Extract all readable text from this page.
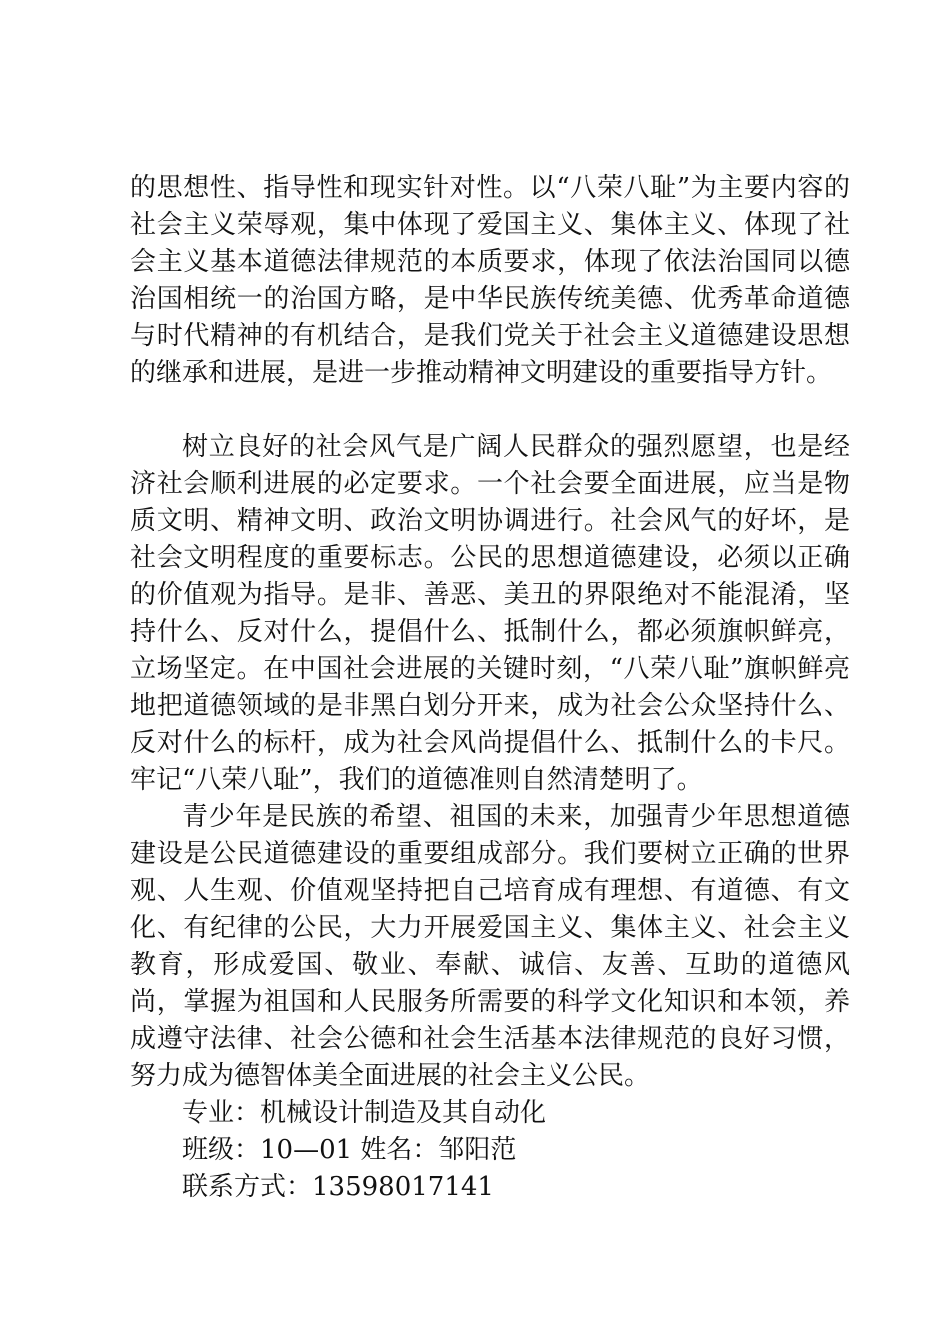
的思想性、指导性和现实针对性。以“八荣八耻”为主要内容的社会主义荣辱观，集中体现了爱国主义、集体主义、体现了社会主义基本道德法律规范的本质要求，体现了依法治国同以德治国相统一的治国方略，是中华民族传统美德、优秀革命道德与时代精神的有机结合，是我们党关于社会主义道德建设思想的继承和进展，是进一步推动精神文明建设的重要指导方针。

树立良好的社会风气是广阔人民群众的强烈愿望，也是经济社会顺利进展的必定要求。一个社会要全面进展，应当是物质文明、精神文明、政治文明协调进行。社会风气的好坏，是社会文明程度的重要标志。公民的思想道德建设，必须以正确的价值观为指导。是非、善恶、美丑的界限绝对不能混淆，坚持什么、反对什么，提倡什么、抵制什么，都必须旗帜鲜亮，立场坚定。在中国社会进展的关键时刻，“八荣八耻”旗帜鲜亮地把道德领域的是非黑白划分开来，成为社会公众坚持什么、反对什么的标杆，成为社会风尚提倡什么、抵制什么的卡尺。牢记“八荣八耻”，我们的道德准则自然清楚明了。

青少年是民族的希望、祖国的未来，加强青少年思想道德建设是公民道德建设的重要组成部分。我们要树立正确的世界观、人生观、价值观坚持把自己培育成有理想、有道德、有文化、有纪律的公民，大力开展爱国主义、集体主义、社会主义教育，形成爱国、敬业、奉献、诚信、友善、互助的道德风尚，掌握为祖国和人民服务所需要的科学文化知识和本领，养成遵守法律、社会公德和社会生活基本法律规范的良好习惯，努力成为德智体美全面进展的社会主义公民。

专业：机械设计制造及其自动化

班级：10—01 姓名：邹阳范

联系方式：13598017141
